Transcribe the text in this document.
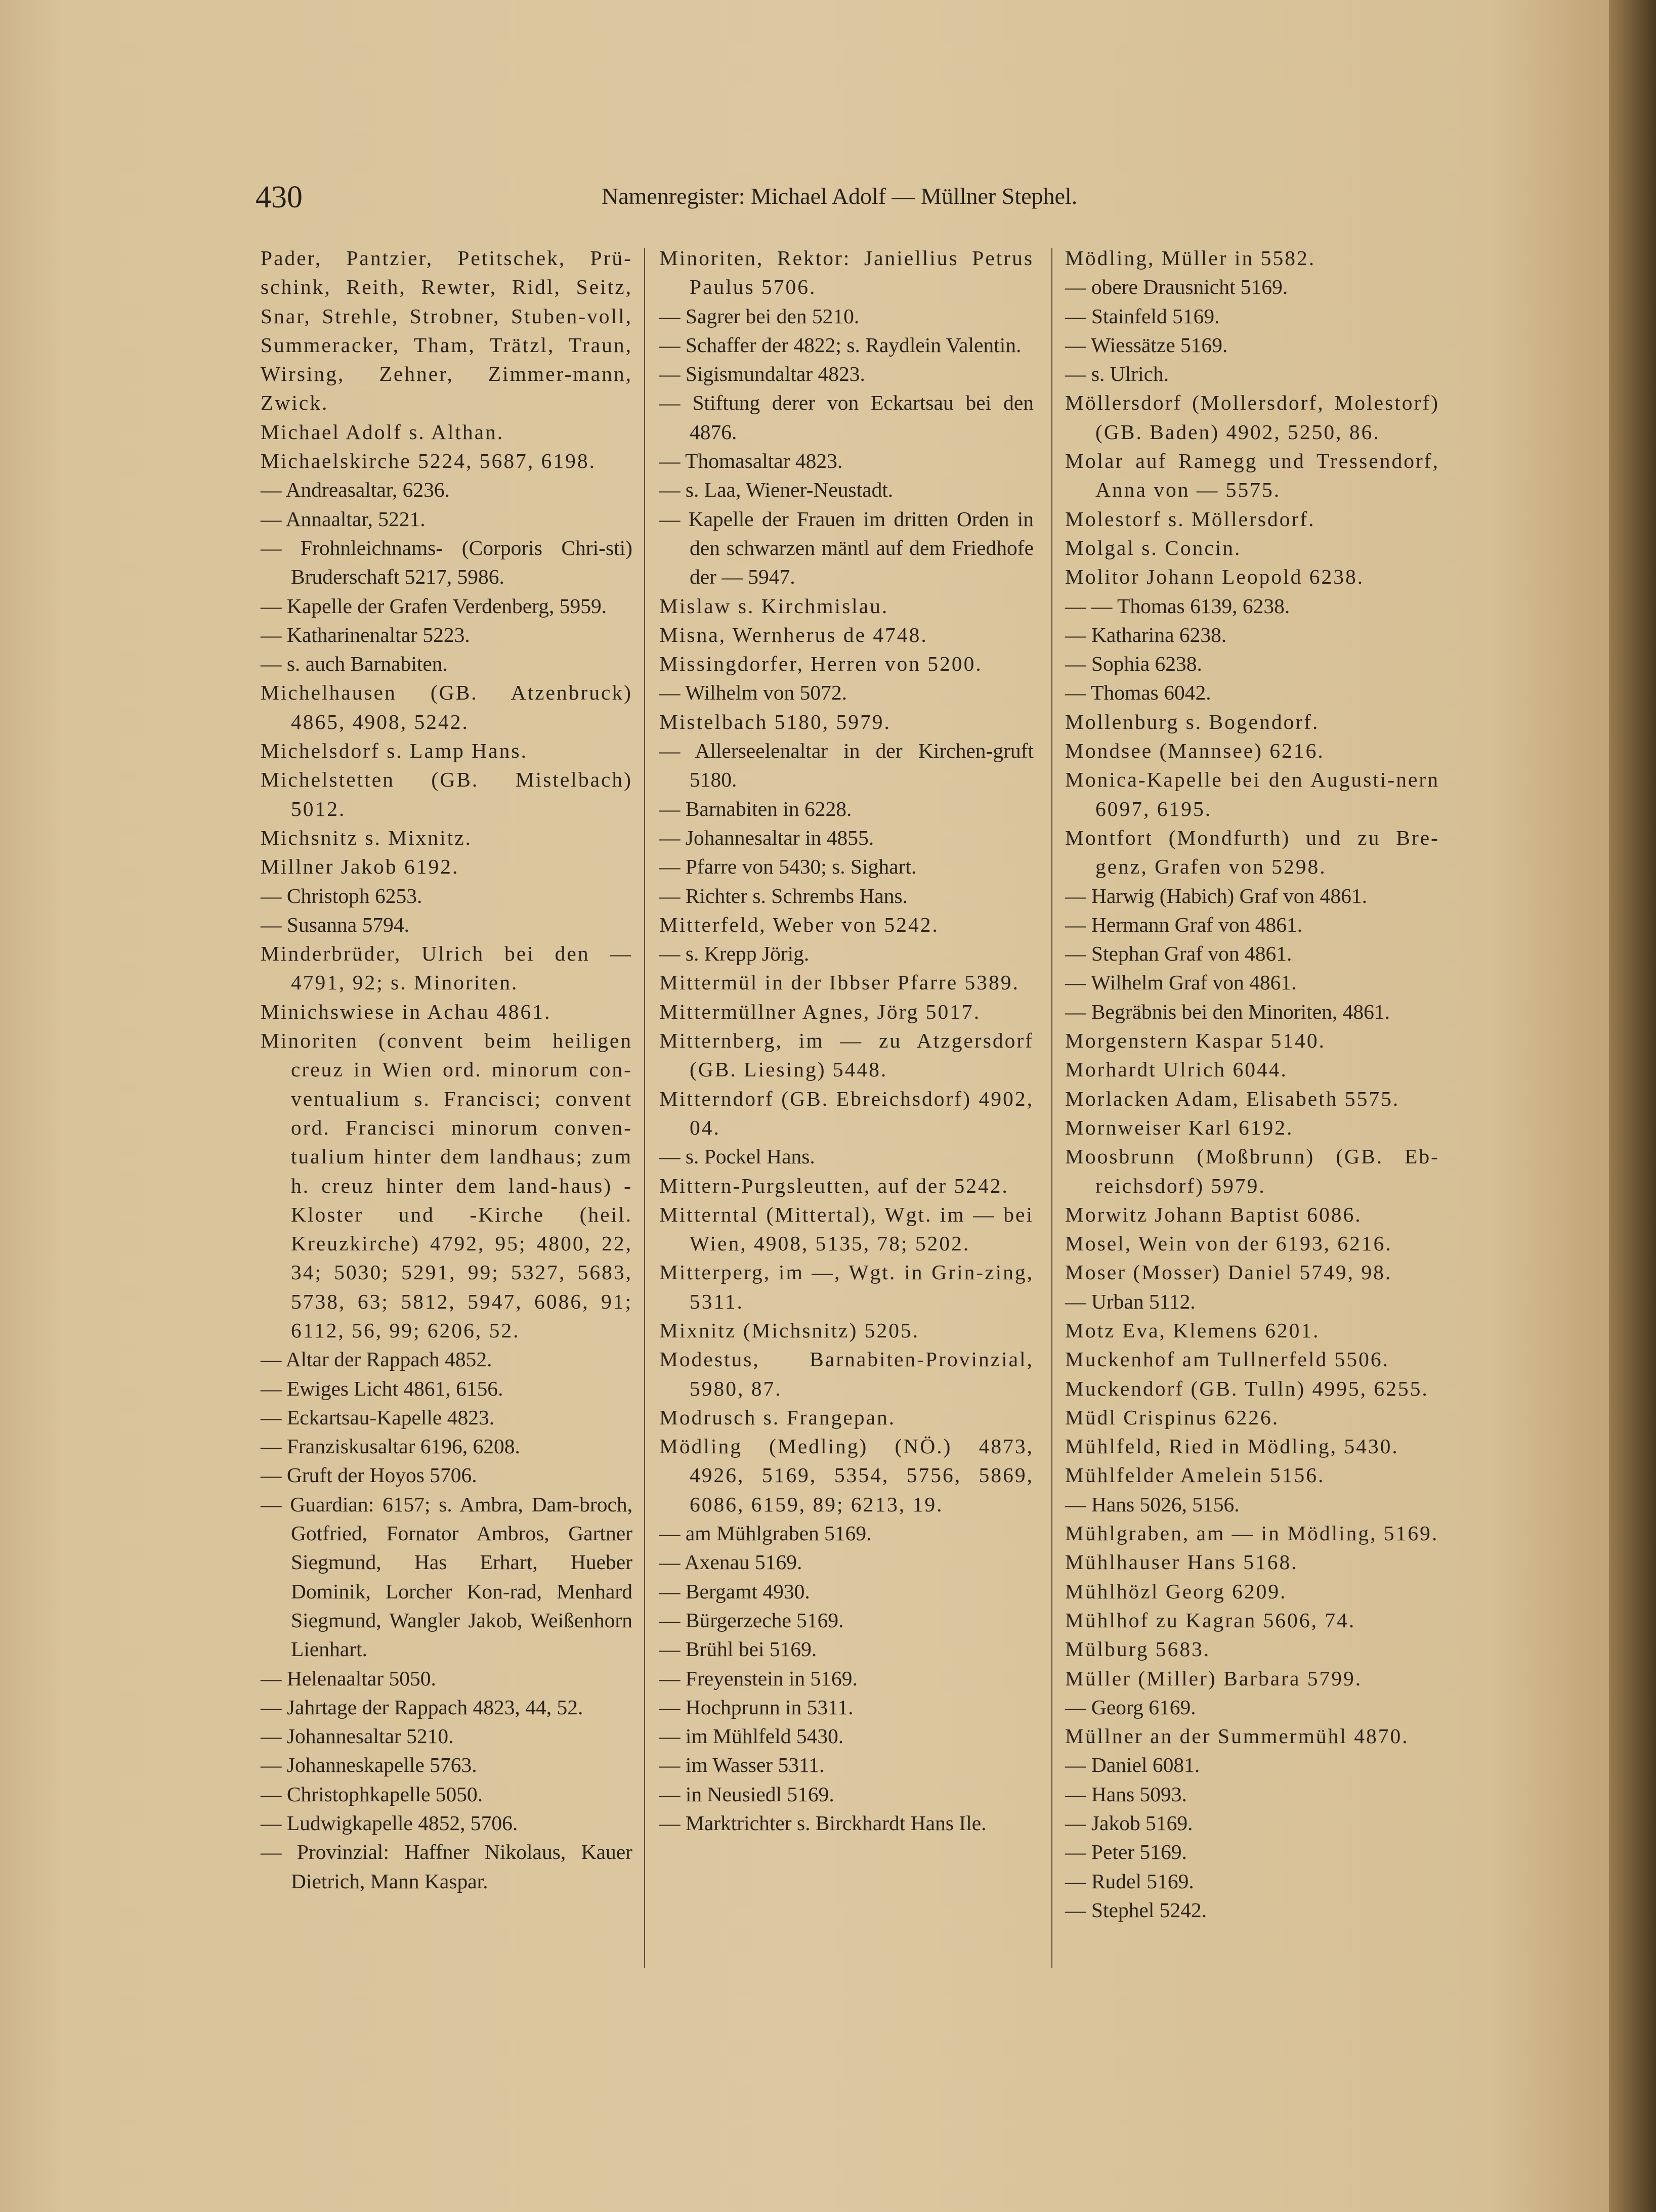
430	Namenregister: Michael Adolf — Müllner Stephel.
Pader, Pantzier, Petitschek, Prü-schink, Reith, Rewter, Ridl, Seitz, Snar, Strehle, Strobner, Stuben-voll, Summeracker, Tham, Trätzl, Traun, Wirsing, Zehner, Zimmer-mann, Zwick.
Michael Adolf s. Althan.
Michaelskirche 5224, 5687, 6198.
— Andreasaltar, 6236.
— Annaaltar, 5221.
— Frohnleichnams- (Corporis Chri-sti) Bruderschaft 5217, 5986.
— Kapelle der Grafen Verdenberg, 5959.
— Katharinenaltar 5223.
— s. auch Barnabiten.
Michelhausen (GB. Atzenbruck) 4865, 4908, 5242.
Michelsdorf s. Lamp Hans.
Michelstetten (GB. Mistelbach) 5012.
Michsnitz s. Mixnitz.
Millner Jakob 6192.
— Christoph 6253.
— Susanna 5794.
Minderbrüder, Ulrich bei den — 4791, 92; s. Minoriten.
Minichswiese in Achau 4861.
Minoriten (convent beim heiligen creuz in Wien ord. minorum con-ventualium s. Francisci; convent ord. Francisci minorum conven-tualium hinter dem landhaus; zum h. creuz hinter dem land-haus) -Kloster und -Kirche (heil. Kreuzkirche) 4792, 95; 4800, 22, 34; 5030; 5291, 99; 5327, 5683, 5738, 63; 5812, 5947, 6086, 91; 6112, 56, 99; 6206, 52.
— Altar der Rappach 4852.
— Ewiges Licht 4861, 6156.
— Eckartsau-Kapelle 4823.
— Franziskusaltar 6196, 6208.
— Gruft der Hoyos 5706.
— Guardian: 6157; s. Ambra, Dam-broch, Gotfried, Fornator Ambros, Gartner Siegmund, Has Erhart, Hueber Dominik, Lorcher Kon-rad, Menhard Siegmund, Wangler Jakob, Weißenhorn Lienhart.
— Helenaaltar 5050.
— Jahrtage der Rappach 4823, 44, 52.
— Johannesaltar 5210.
— Johanneskapelle 5763.
— Christophkapelle 5050.
— Ludwigkapelle 4852, 5706.
— Provinzial: Haffner Nikolaus, Kauer Dietrich, Mann Kaspar.
Minoriten, Rektor: Janiellius Petrus Paulus 5706.
— Sagrer bei den 5210.
— Schaffer der 4822; s. Raydlein Valentin.
— Sigismundaltar 4823.
— Stiftung derer von Eckartsau bei den 4876.
— Thomasaltar 4823.
— s. Laa, Wiener-Neustadt.
— Kapelle der Frauen im dritten Orden in den schwarzen mäntl auf dem Friedhofe der — 5947.
Mislaw s. Kirchmislau.
Misna, Wernherus de 4748.
Missingdorfer, Herren von 5200.
— Wilhelm von 5072.
Mistelbach 5180, 5979.
— Allerseelenaltar in der Kirchen-gruft 5180.
— Barnabiten in 6228.
— Johannesaltar in 4855.
— Pfarre von 5430; s. Sighart.
— Richter s. Schrembs Hans.
Mitterfeld, Weber von 5242.
— s. Krepp Jörig.
Mittermül in der Ibbser Pfarre 5389.
Mittermüllner Agnes, Jörg 5017.
Mitternberg, im — zu Atzgersdorf (GB. Liesing) 5448.
Mitterndorf (GB. Ebreichsdorf) 4902, 04.
— s. Pockel Hans.
Mittern-Purgsleutten, auf der 5242.
Mitterntal (Mittertal), Wgt. im — bei Wien, 4908, 5135, 78; 5202.
Mitterperg, im —, Wgt. in Grin-zing, 5311.
Mixnitz (Michsnitz) 5205.
Modestus, Barnabiten-Provinzial, 5980, 87.
Modrusch s. Frangepan.
Mödling (Medling) (NÖ.) 4873, 4926, 5169, 5354, 5756, 5869, 6086, 6159, 89; 6213, 19.
— am Mühlgraben 5169.
— Axenau 5169.
— Bergamt 4930.
— Bürgerzeche 5169.
— Brühl bei 5169.
— Freyenstein in 5169.
— Hochprunn in 5311.
— im Mühlfeld 5430.
— im Wasser 5311.
— in Neusiedl 5169.
— Marktrichter s. Birckhardt Hans Ile.
Mödling, Müller in 5582.
— obere Drausnicht 5169.
— Stainfeld 5169.
— Wiessätze 5169.
— s. Ulrich.
Möllersdorf (Mollersdorf, Molestorf) (GB. Baden) 4902, 5250, 86.
Molar auf Ramegg und Tressendorf, Anna von — 5575.
Molestorf s. Möllersdorf.
Molgal s. Concin.
Molitor Johann Leopold 6238.
— — Thomas 6139, 6238.
— Katharina 6238.
— Sophia 6238.
— Thomas 6042.
Mollenburg s. Bogendorf.
Mondsee (Mannsee) 6216.
Monica-Kapelle bei den Augusti-nern 6097, 6195.
Montfort (Mondfurth) und zu Bre-genz, Grafen von 5298.
— Harwig (Habich) Graf von 4861.
— Hermann Graf von 4861.
— Stephan Graf von 4861.
— Wilhelm Graf von 4861.
— Begräbnis bei den Minoriten, 4861.
Morgenstern Kaspar 5140.
Morhardt Ulrich 6044.
Morlacken Adam, Elisabeth 5575.
Mornweiser Karl 6192.
Moosbrunn (Moßbrunn) (GB. Eb-reichsdorf) 5979.
Morwitz Johann Baptist 6086.
Mosel, Wein von der 6193, 6216.
Moser (Mosser) Daniel 5749, 98.
— Urban 5112.
Motz Eva, Klemens 6201.
Muckenhof am Tullnerfeld 5506.
Muckendorf (GB. Tulln) 4995, 6255.
Müdl Crispinus 6226.
Mühlfeld, Ried in Mödling, 5430.
Mühlfelder Amelein 5156.
— Hans 5026, 5156.
Mühlgraben, am — in Mödling, 5169.
Mühlhauser Hans 5168.
Mühlhözl Georg 6209.
Mühlhof zu Kagran 5606, 74.
Mülburg 5683.
Müller (Miller) Barbara 5799.
— Georg 6169.
Müllner an der Summermühl 4870.
— Daniel 6081.
— Hans 5093.
— Jakob 5169.
— Peter 5169.
— Rudel 5169.
— Stephel 5242.
